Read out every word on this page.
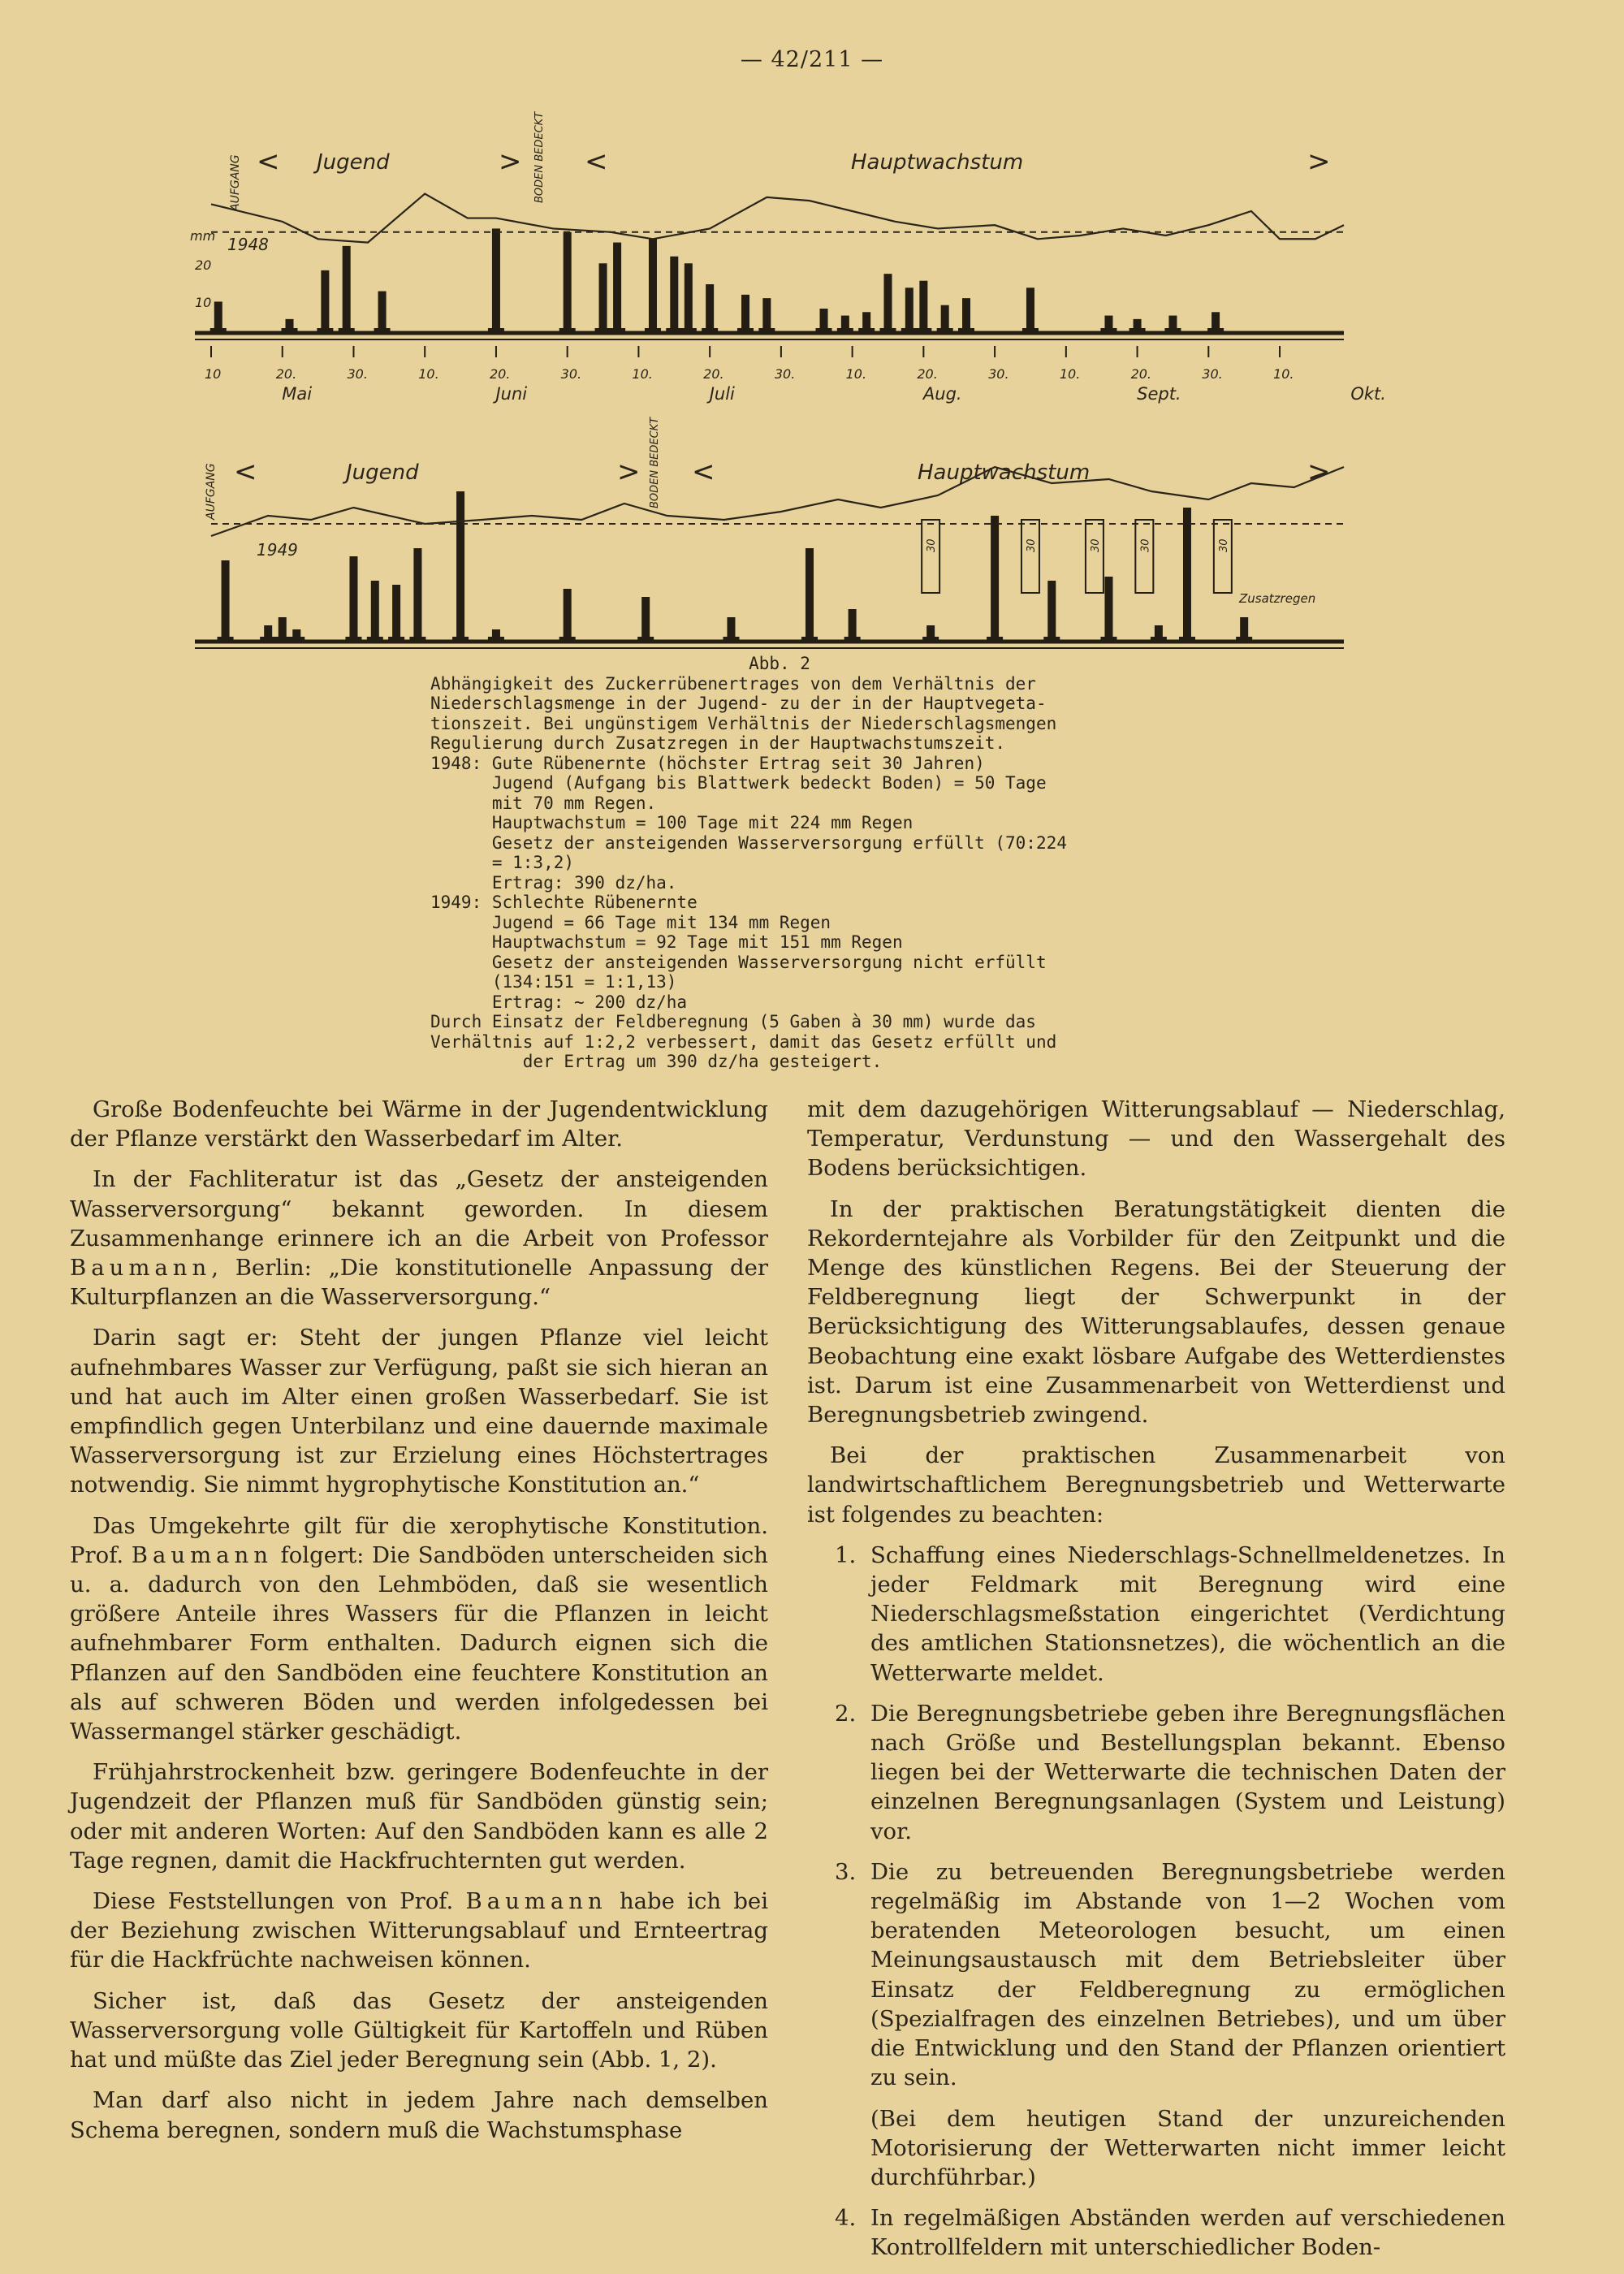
— 42/211 —
AUFGANG < Jugend	> BODEN BEDECKT <	Hauptwachstum	>
mm
20
10
1948
10	20.	30.	10.	20.	30.	10.	20.	30.	10.	20.	30.	10.	20.	30.	10.
Mai	Juni	Juli	Aug.	Sept.	Okt.
AUFGANG <	Jugend	> BODEN BEDECKT <	Hauptwachstum	>
1949
Zusatzregen
30	30	30	30	30
Abb. 2
Abhängigkeit des Zuckerrübenertrages von dem Verhältnis der
Niederschlagsmenge in der Jugend- zu der in der Hauptvegeta-
tionszeit. Bei ungünstigem Verhältnis der Niederschlagsmengen
Regulierung durch Zusatzregen in der Hauptwachstumszeit.
1948: Gute Rübenernte (höchster Ertrag seit 30 Jahren)
Jugend (Aufgang bis Blattwerk bedeckt Boden) = 50 Tage
mit 70 mm Regen.
Hauptwachstum = 100 Tage mit 224 mm Regen
Gesetz der ansteigenden Wasserversorgung erfüllt (70:224
= 1:3,2)
Ertrag: 390 dz/ha.
1949: Schlechte Rübenernte
Jugend = 66 Tage mit 134 mm Regen
Hauptwachstum = 92 Tage mit 151 mm Regen
Gesetz der ansteigenden Wasserversorgung nicht erfüllt
(134:151 = 1:1,13)
Ertrag: ~ 200 dz/ha
Durch Einsatz der Feldberegnung (5 Gaben à 30 mm) wurde das
Verhältnis auf 1:2,2 verbessert, damit das Gesetz erfüllt und
der Ertrag um 390 dz/ha gesteigert.

Große Bodenfeuchte bei Wärme in der Jugendentwicklung der Pflanze verstärkt den Wasserbedarf im Alter.

In der Fachliteratur ist das „Gesetz der ansteigenden Wasserversorgung“ bekannt geworden. In diesem Zusammenhange erinnere ich an die Arbeit von Professor Baumann, Berlin: „Die konstitutionelle Anpassung der Kulturpflanzen an die Wasserversorgung.“

Darin sagt er: Steht der jungen Pflanze viel leicht aufnehmbares Wasser zur Verfügung, paßt sie sich hieran an und hat auch im Alter einen großen Wasserbedarf. Sie ist empfindlich gegen Unterbilanz und eine dauernde maximale Wasserversorgung ist zur Erzielung eines Höchstertrages notwendig. Sie nimmt hygrophytische Konstitution an.“

Das Umgekehrte gilt für die xerophytische Konstitution. Prof. Baumann folgert: Die Sandböden unterscheiden sich u. a. dadurch von den Lehmböden, daß sie wesentlich größere Anteile ihres Wassers für die Pflanzen in leicht aufnehmbarer Form enthalten. Dadurch eignen sich die Pflanzen auf den Sandböden eine feuchtere Konstitution an als auf schweren Böden und werden infolgedessen bei Wassermangel stärker geschädigt.

Frühjahrstrockenheit bzw. geringere Bodenfeuchte in der Jugendzeit der Pflanzen muß für Sandböden günstig sein; oder mit anderen Worten: Auf den Sandböden kann es alle 2 Tage regnen, damit die Hackfruchternten gut werden.

Diese Feststellungen von Prof. Baumann habe ich bei der Beziehung zwischen Witterungsablauf und Ernteertrag für die Hackfrüchte nachweisen können.

Sicher ist, daß das Gesetz der ansteigenden Wasserversorgung volle Gültigkeit für Kartoffeln und Rüben hat und müßte das Ziel jeder Beregnung sein (Abb. 1, 2).

Man darf also nicht in jedem Jahre nach demselben Schema beregnen, sondern muß die Wachstumsphase

mit dem dazugehörigen Witterungsablauf — Niederschlag, Temperatur, Verdunstung — und den Wassergehalt des Bodens berücksichtigen.

In der praktischen Beratungstätigkeit dienten die Rekorderntejahre als Vorbilder für den Zeitpunkt und die Menge des künstlichen Regens. Bei der Steuerung der Feldberegnung liegt der Schwerpunkt in der Berücksichtigung des Witterungsablaufes, dessen genaue Beobachtung eine exakt lösbare Aufgabe des Wetterdienstes ist. Darum ist eine Zusammenarbeit von Wetterdienst und Beregnungsbetrieb zwingend.

Bei der praktischen Zusammenarbeit von landwirtschaftlichem Beregnungsbetrieb und Wetterwarte ist folgendes zu beachten:

1. Schaffung eines Niederschlags-Schnellmeldenetzes. In jeder Feldmark mit Beregnung wird eine Niederschlagsmeßstation eingerichtet (Verdichtung des amtlichen Stationsnetzes), die wöchentlich an die Wetterwarte meldet.
2. Die Beregnungsbetriebe geben ihre Beregnungsflächen nach Größe und Bestellungsplan bekannt. Ebenso liegen bei der Wetterwarte die technischen Daten der einzelnen Beregnungsanlagen (System und Leistung) vor.
3. Die zu betreuenden Beregnungsbetriebe werden regelmäßig im Abstande von 1—2 Wochen vom beratenden Meteorologen besucht, um einen Meinungsaustausch mit dem Betriebsleiter über Einsatz der Feldberegnung zu ermöglichen (Spezialfragen des einzelnen Betriebes), und um über die Entwicklung und den Stand der Pflanzen orientiert zu sein.

(Bei dem heutigen Stand der unzureichenden Motorisierung der Wetterwarten nicht immer leicht durchführbar.)

4. In regelmäßigen Abständen werden auf verschiedenen Kontrollfeldern mit unterschiedlicher Boden-
